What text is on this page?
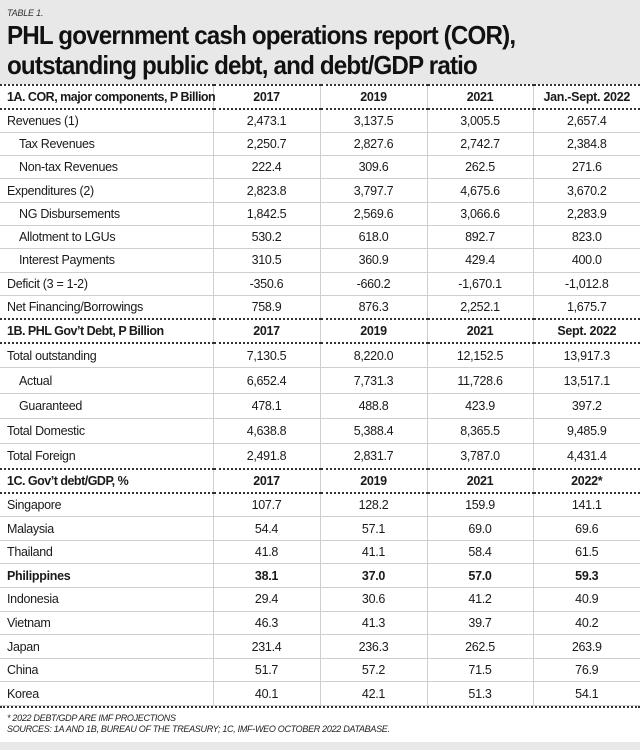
TABLE 1.
PHL government cash operations report (COR),
outstanding public debt, and debt/GDP ratio
1A. COR, major components, P Billion	2017	2019	2021	Jan.-Sept. 2022
Revenues (1)	2,473.1	3,137.5	3,005.5	2,657.4
Tax Revenues	2,250.7	2,827.6	2,742.7	2,384.8
Non-tax Revenues	222.4	309.6	262.5	271.6
Expenditures (2)	2,823.8	3,797.7	4,675.6	3,670.2
NG Disbursements	1,842.5	2,569.6	3,066.6	2,283.9
Allotment to LGUs	530.2	618.0	892.7	823.0
Interest Payments	310.5	360.9	429.4	400.0
Deficit (3 = 1-2)	-350.6	-660.2	-1,670.1	-1,012.8
Net Financing/Borrowings	758.9	876.3	2,252.1	1,675.7
1B. PHL Gov’t Debt, P Billion	2017	2019	2021	Sept. 2022
Total outstanding	7,130.5	8,220.0	12,152.5	13,917.3
Actual	6,652.4	7,731.3	11,728.6	13,517.1
Guaranteed	478.1	488.8	423.9	397.2
Total Domestic	4,638.8	5,388.4	8,365.5	9,485.9
Total Foreign	2,491.8	2,831.7	3,787.0	4,431.4
1C. Gov’t debt/GDP, %	2017	2019	2021	2022*
Singapore	107.7	128.2	159.9	141.1
Malaysia	54.4	57.1	69.0	69.6
Thailand	41.8	41.1	58.4	61.5
Philippines	38.1	37.0	57.0	59.3
Indonesia	29.4	30.6	41.2	40.9
Vietnam	46.3	41.3	39.7	40.2
Japan	231.4	236.3	262.5	263.9
China	51.7	57.2	71.5	76.9
Korea	40.1	42.1	51.3	54.1
* 2022 DEBT/GDP ARE IMF PROJECTIONS
SOURCES: 1A AND 1B, BUREAU OF THE TREASURY; 1C, IMF-WEO OCTOBER 2022 DATABASE.
